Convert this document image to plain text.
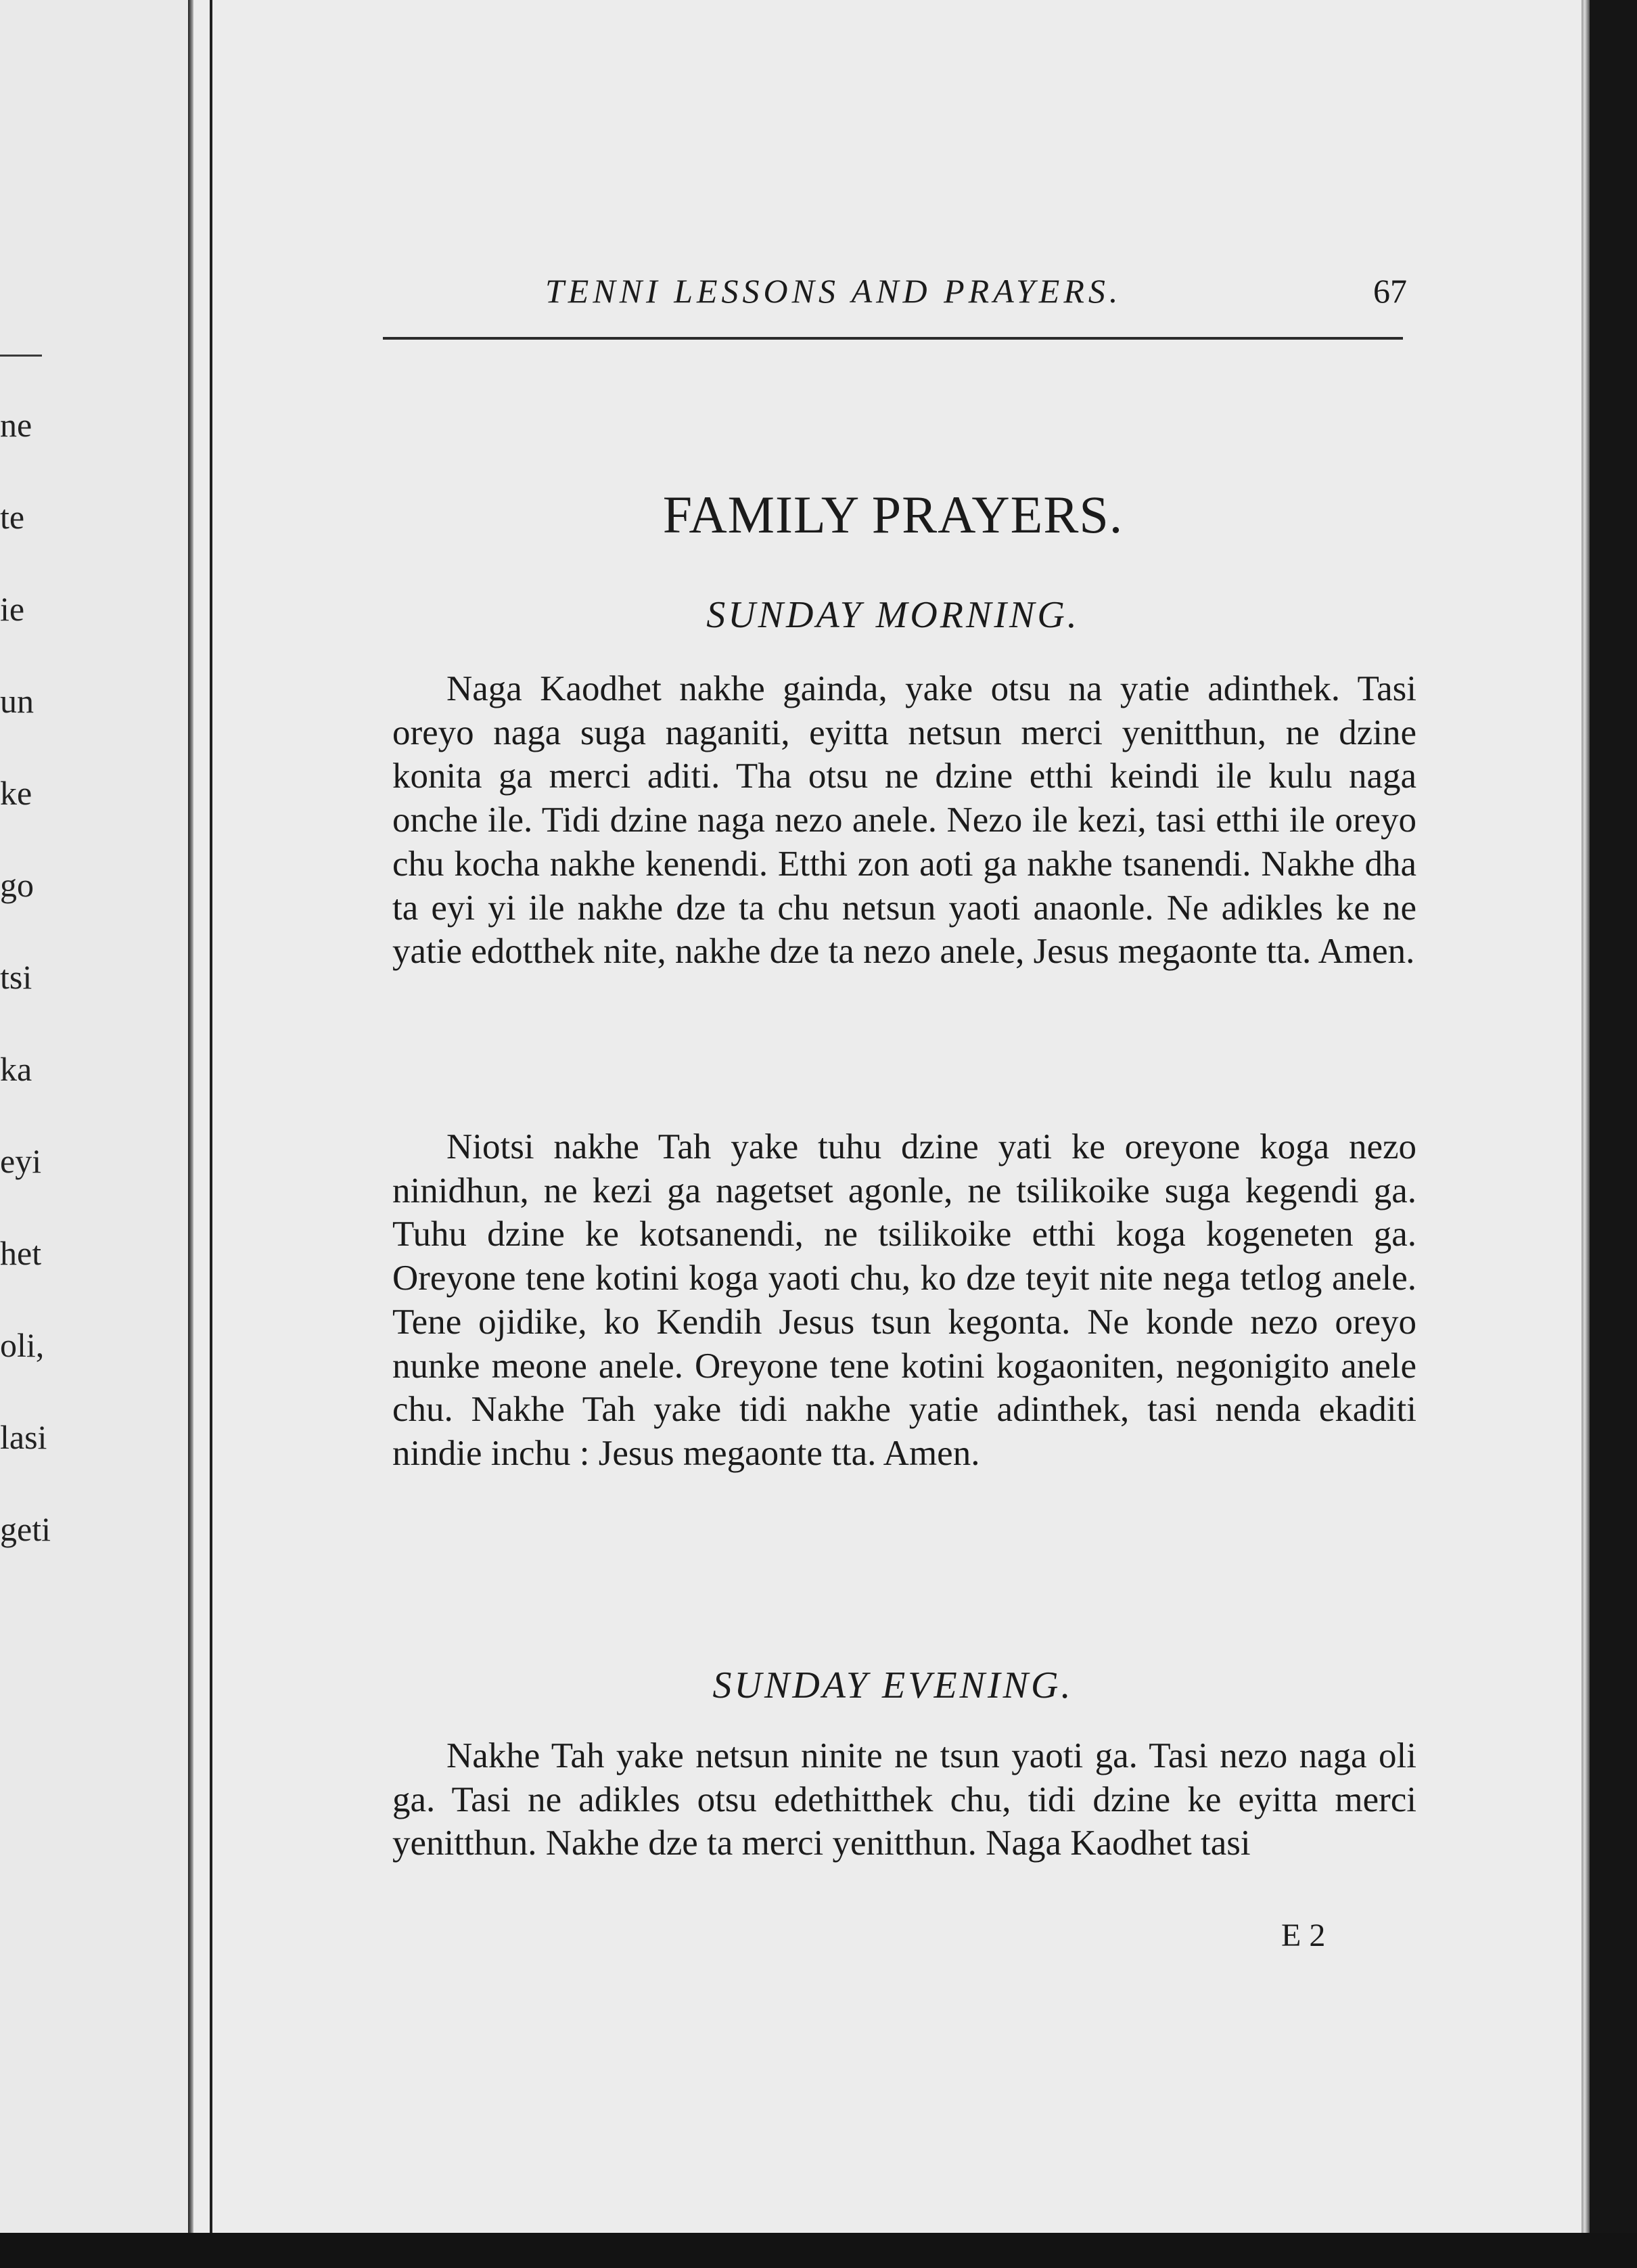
ne
te
ie
un
ke
go
tsi
ka
eyi
het
oli,
lasi
geti
TENNI LESSONS AND PRAYERS.	67
FAMILY PRAYERS.
SUNDAY MORNING.

Naga Kaodhet nakhe gainda, yake otsu na yatie adinthek. Tasi oreyo naga suga naganiti, eyitta netsun merci yenitthun, ne dzine konita ga merci aditi. Tha otsu ne dzine etthi keindi ile kulu naga onche ile. Tidi dzine naga nezo anele. Nezo ile kezi, tasi etthi ile oreyo chu kocha nakhe kenendi. Etthi zon aoti ga nakhe tsanendi. Nakhe dha ta eyi yi ile nakhe dze ta chu netsun yaoti anaonle. Ne adikles ke ne yatie edotthek nite, nakhe dze ta nezo anele, Jesus megaonte tta. Amen.

Niotsi nakhe Tah yake tuhu dzine yati ke oreyone koga nezo ninidhun, ne kezi ga nagetset agonle, ne tsilikoike suga kegendi ga. Tuhu dzine ke kotsanendi, ne tsilikoike etthi koga kogeneten ga. Oreyone tene kotini koga yaoti chu, ko dze teyit nite nega tetlog anele. Tene ojidike, ko Kendih Jesus tsun kegonta. Ne konde nezo oreyo nunke meone anele. Oreyone tene kotini kogaoniten, negonigito anele chu. Nakhe Tah yake tidi nakhe yatie adinthek, tasi nenda ekaditi nindie inchu : Jesus megaonte tta. Amen.

SUNDAY EVENING.

Nakhe Tah yake netsun ninite ne tsun yaoti ga. Tasi nezo naga oli ga. Tasi ne adikles otsu edethitthek chu, tidi dzine ke eyitta merci yenitthun. Nakhe dze ta merci yenitthun. Naga Kaodhet tasi

E 2
